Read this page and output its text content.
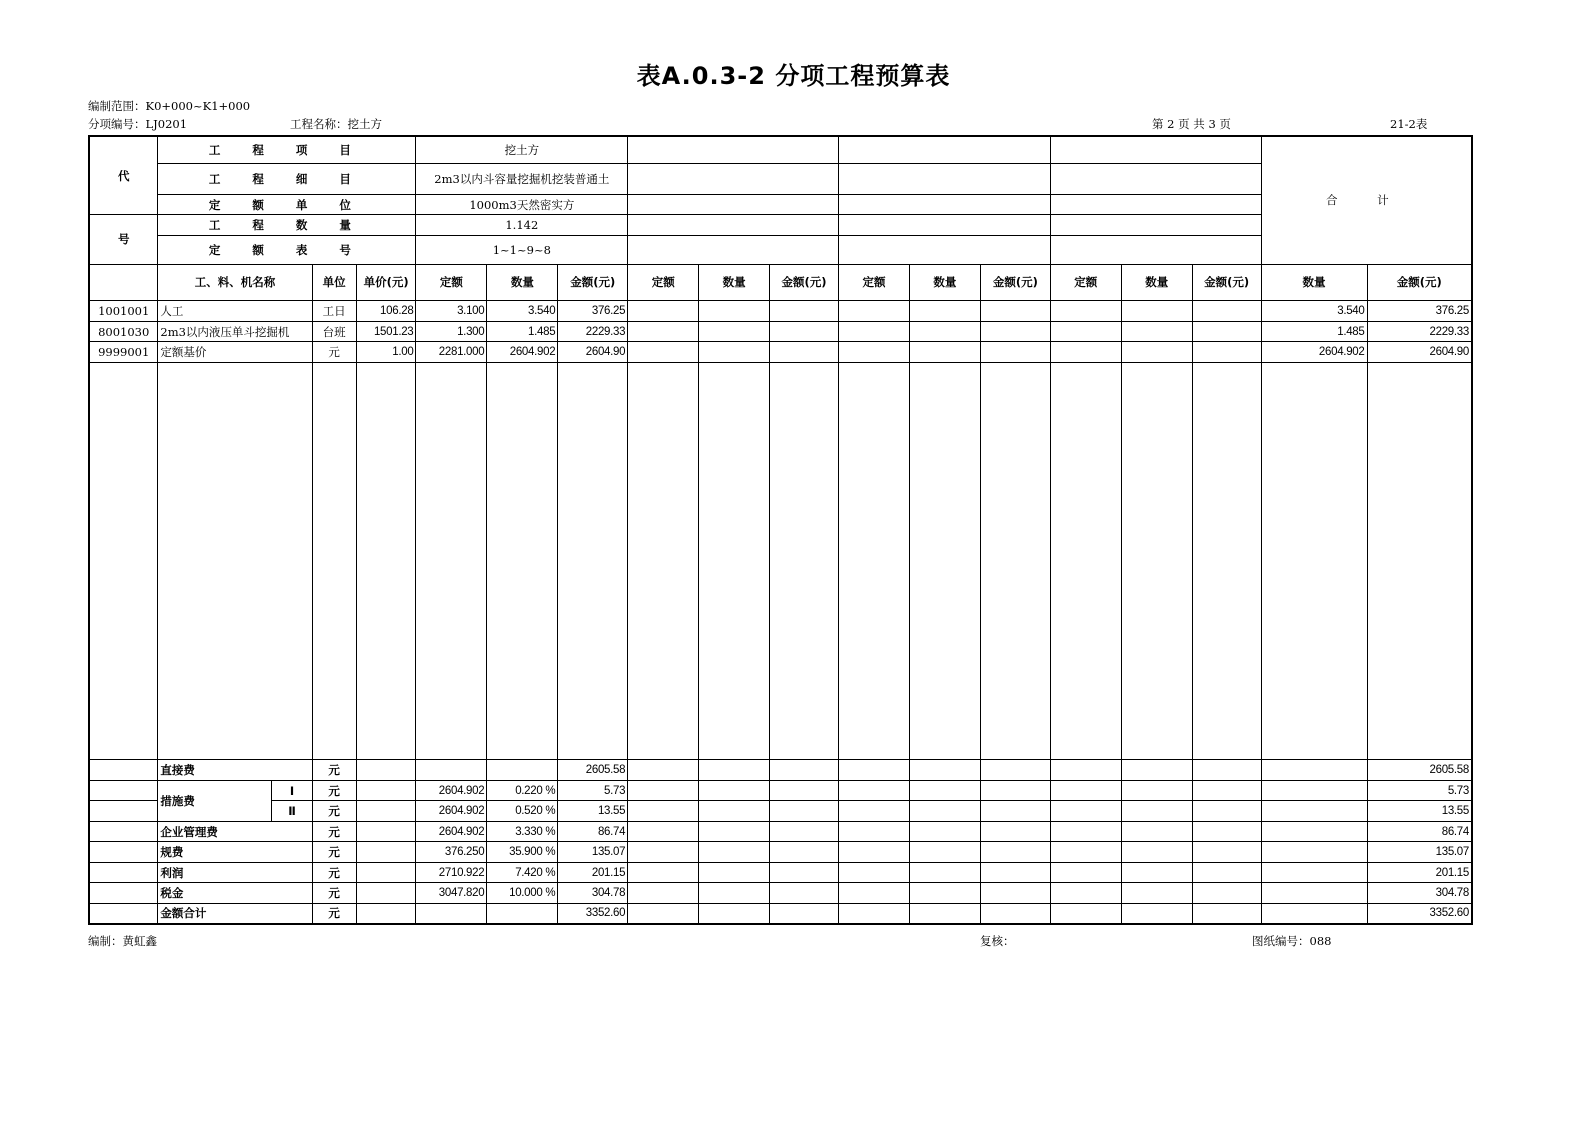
表A.0.3-2 分项工程预算表
编制范围：K0+000~K1+000
分项编号：LJ0201	工程名称：挖土方	第 2 页 共 3 页	21-2表
代	工 程 项 目				挖土方												合 计	
	工 程 细 目				2m3以内斗容量挖掘机挖装普通土													
	定 额 单 位				1000m3天然密实方													
号	工 程 数 量				1.142													
	定 额 表 号				1~1~9~8													
	工、料、机名称		单位	单价(元)	定额	数量	金额(元)	定额	数量	金额(元)	定额	数量	金额(元)	定额	数量	金额(元)	数量	金额(元)
1001001	人工		工日	106.28	3.100	3.540	376.25										3.540	376.25
8001030	2m3以内液压单斗挖掘机		台班	1501.23	1.300	1.485	2229.33										1.485	2229.33
9999001	定额基价		元	1.00	2281.000	2604.902	2604.90										2604.902	2604.90

	直接费		元				2605.58											2605.58
	措施费	Ⅰ	元		2604.902	0.220 %	5.73											5.73
		Ⅱ	元		2604.902	0.520 %	13.55											13.55
	企业管理费		元		2604.902	3.330 %	86.74											86.74
	规费		元		376.250	35.900 %	135.07											135.07
	利润		元		2710.922	7.420 %	201.15											201.15
	税金		元		3047.820	10.000 %	304.78											304.78
	金额合计		元				3352.60											3352.60
编制：黄虹鑫	复核：	图纸编号：088
